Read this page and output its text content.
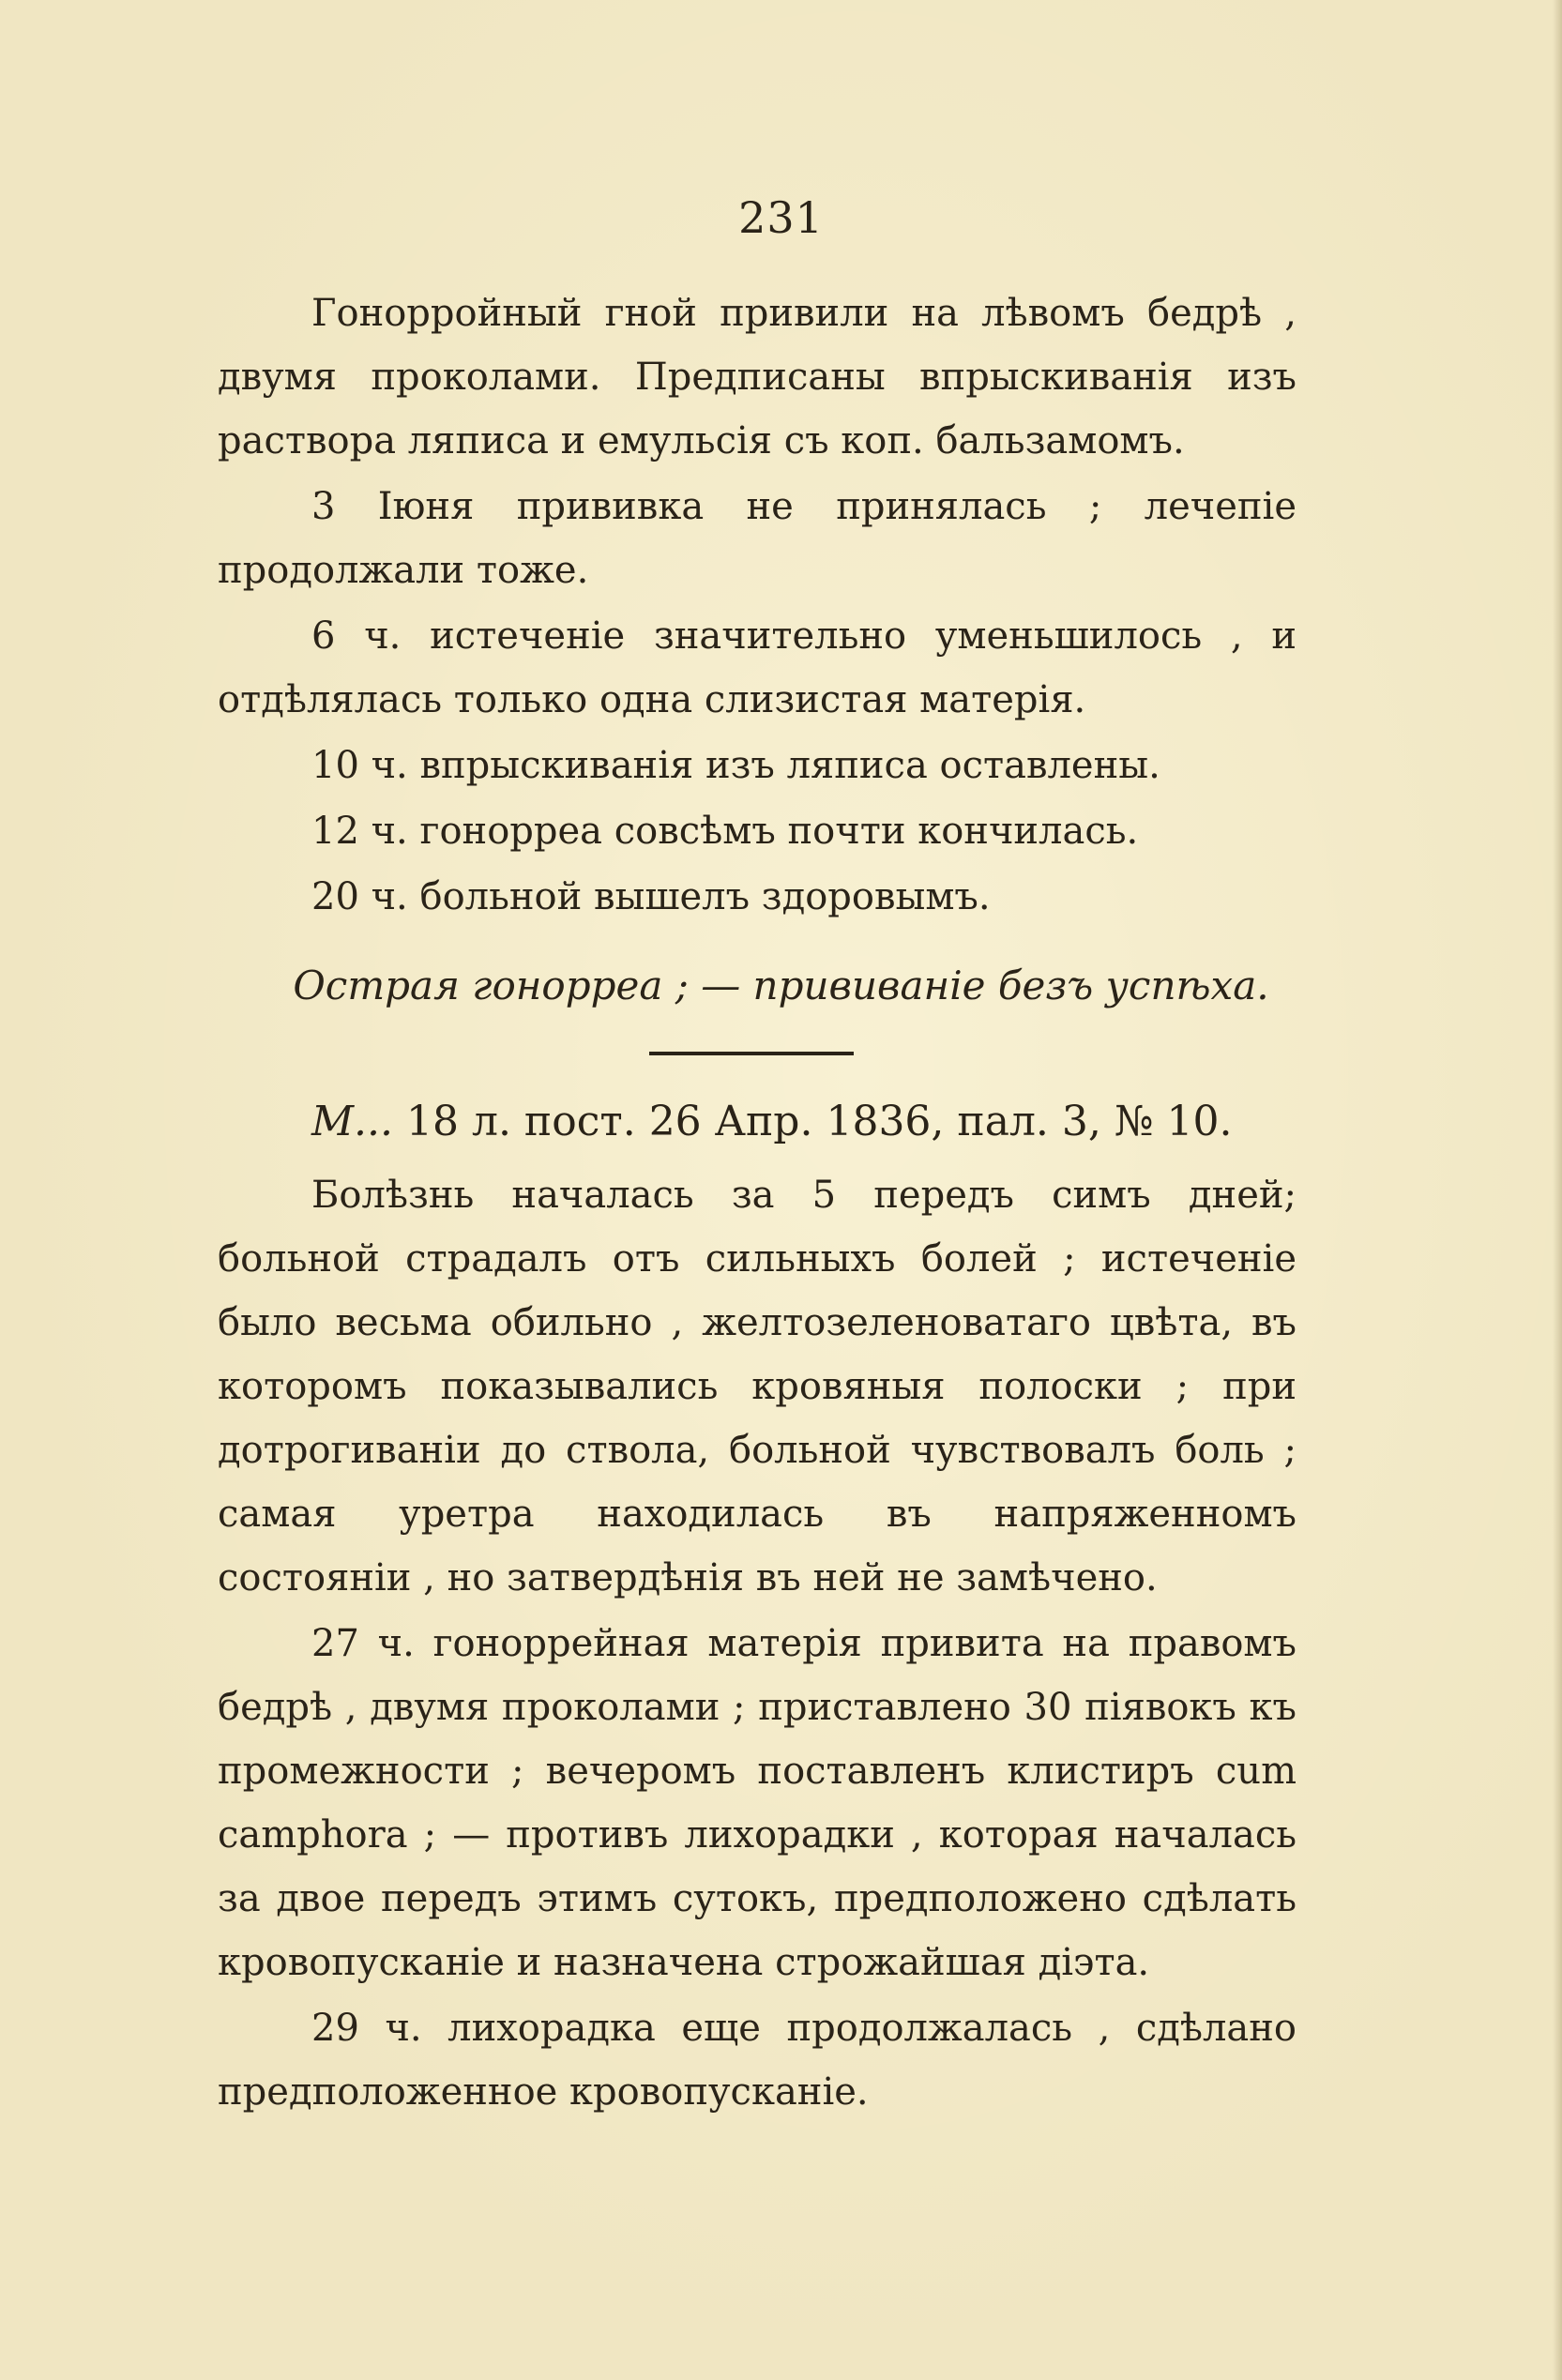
231

Гонорройный гной привили на лѣвомъ бедрѣ , двумя проколами. Предписаны впрыскиванія изъ раствора ляписа и емульсія съ коп. бальзамомъ.

3 Іюня прививка не принялась ; лечепіе продолжали тоже.

6 ч. истеченіе значительно уменьшилось , и отдѣлялась только одна слизистая матерія.

10 ч. впрыскиванія изъ ляписа оставлены.

12 ч. гонорреа совсѣмъ почти кончилась.

20 ч. больной вышелъ здоровымъ.

Острая гонорреа ; — прививаніе безъ успѣха.
М... 18 л. пост. 26 Апр. 1836, пал. 3, № 10.

Болѣзнь началась за 5 передъ симъ дней; больной страдалъ отъ сильныхъ болей ; истеченіе было весьма обильно , желтозеленоватаго цвѣта, въ которомъ показывались кровяныя полоски ; при дотрогиваніи до ствола, больной чувствовалъ боль ; самая уретра находилась въ напряженномъ состояніи , но затвердѣнія въ ней не замѣчено.

27 ч. гоноррейная матерія привита на правомъ бедрѣ , двумя проколами ; приставлено 30 піявокъ къ промежности ; вечеромъ поставленъ клистиръ cum camphora ; — противъ лихорадки , которая началась за двое передъ этимъ сутокъ, предположено сдѣлать кровопусканіе и назначена строжайшая діэта.

29 ч. лихорадка еще продолжалась , сдѣлано предположенное кровопусканіе.
